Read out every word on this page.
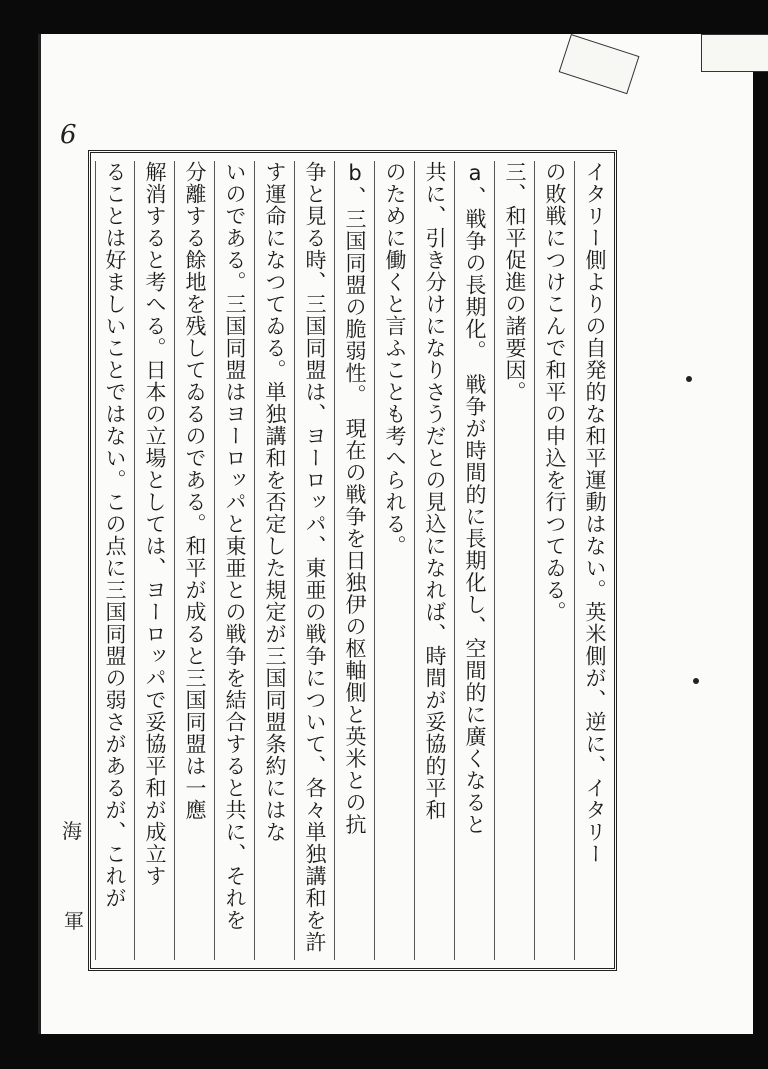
6
イタリー側よりの自発的な和平運動はない。英米側が、逆に、イタリー
の敗戦につけこんで和平の申込を行つてゐる。
三、和平促進の諸要因。
a、戦争の長期化。　戦争が時間的に長期化し、空間的に廣くなると
共に、引き分けになりさうだとの見込になれば、時間が妥協的平和
のために働くと言ふことも考へられる。
b、三国同盟の脆弱性。　現在の戦争を日独伊の枢軸側と英米との抗
争と見る時、三国同盟は、ヨーロッパ、東亜の戦争について、各々単独講和を許
す運命になつてゐる。単独講和を否定した規定が三国同盟条約にはな
いのである。三国同盟はヨーロッパと東亜との戦争を結合すると共に、それを
分離する餘地を残してゐるのである。和平が成ると三国同盟は一應
解消すると考へる。日本の立場としては、ヨーロッパで妥協平和が成立す
ることは好ましいことではない。この点に三国同盟の弱さがあるが、これが
海
軍
